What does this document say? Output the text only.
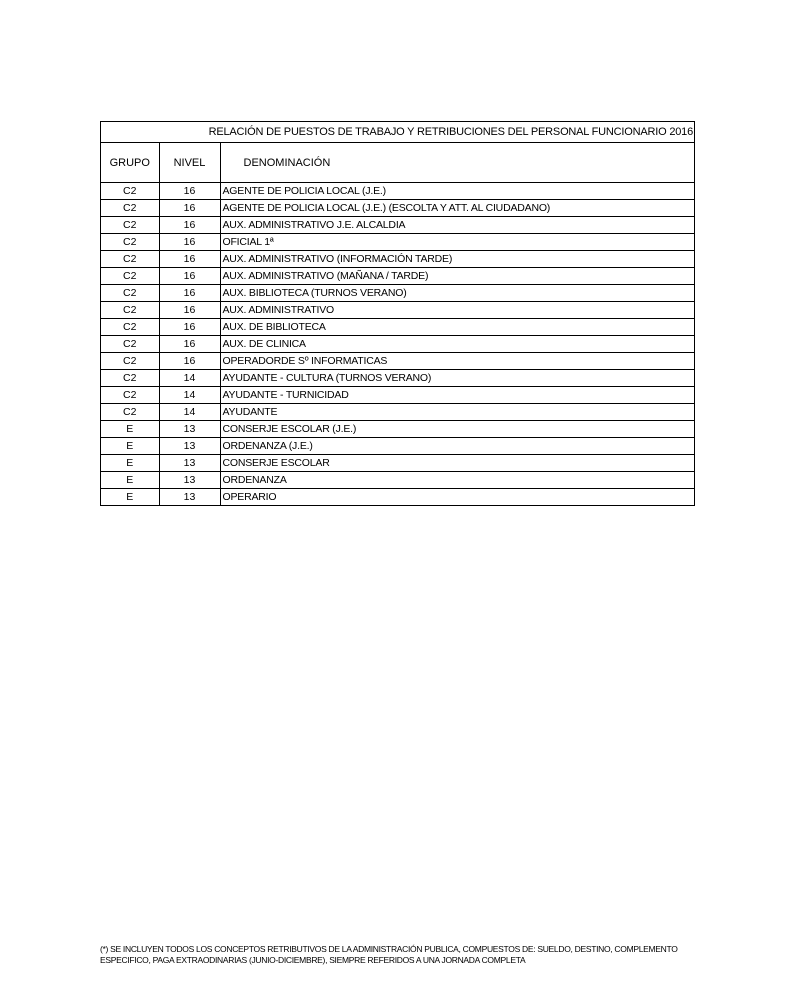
RELACIÓN DE PUESTOS DE TRABAJO Y RETRIBUCIONES DEL PERSONAL FUNCIONARIO 2016
GRUPO	NIVEL	DENOMINACIÓN
C2	16	AGENTE DE POLICIA LOCAL (J.E.)
C2	16	AGENTE DE POLICIA LOCAL (J.E.) (ESCOLTA Y ATT. AL CIUDADANO)
C2	16	AUX. ADMINISTRATIVO J.E. ALCALDIA
C2	16	OFICIAL 1ª
C2	16	AUX. ADMINISTRATIVO (INFORMACIÓN TARDE)
C2	16	AUX. ADMINISTRATIVO (MAÑANA / TARDE)
C2	16	AUX. BIBLIOTECA (TURNOS VERANO)
C2	16	AUX. ADMINISTRATIVO
C2	16	AUX. DE BIBLIOTECA
C2	16	AUX. DE CLINICA
C2	16	OPERADORDE Sº INFORMATICAS
C2	14	AYUDANTE - CULTURA (TURNOS VERANO)
C2	14	AYUDANTE - TURNICIDAD
C2	14	AYUDANTE
E	13	CONSERJE ESCOLAR (J.E.)
E	13	ORDENANZA (J.E.)
E	13	CONSERJE ESCOLAR
E	13	ORDENANZA
E	13	OPERARIO
(*) SE INCLUYEN TODOS LOS CONCEPTOS RETRIBUTIVOS DE LA ADMINISTRACIÓN PUBLICA, COMPUESTOS DE: SUELDO, DESTINO, COMPLEMENTO
ESPECIFICO, PAGA EXTRAODINARIAS (JUNIO-DICIEMBRE), SIEMPRE REFERIDOS A UNA JORNADA COMPLETA
